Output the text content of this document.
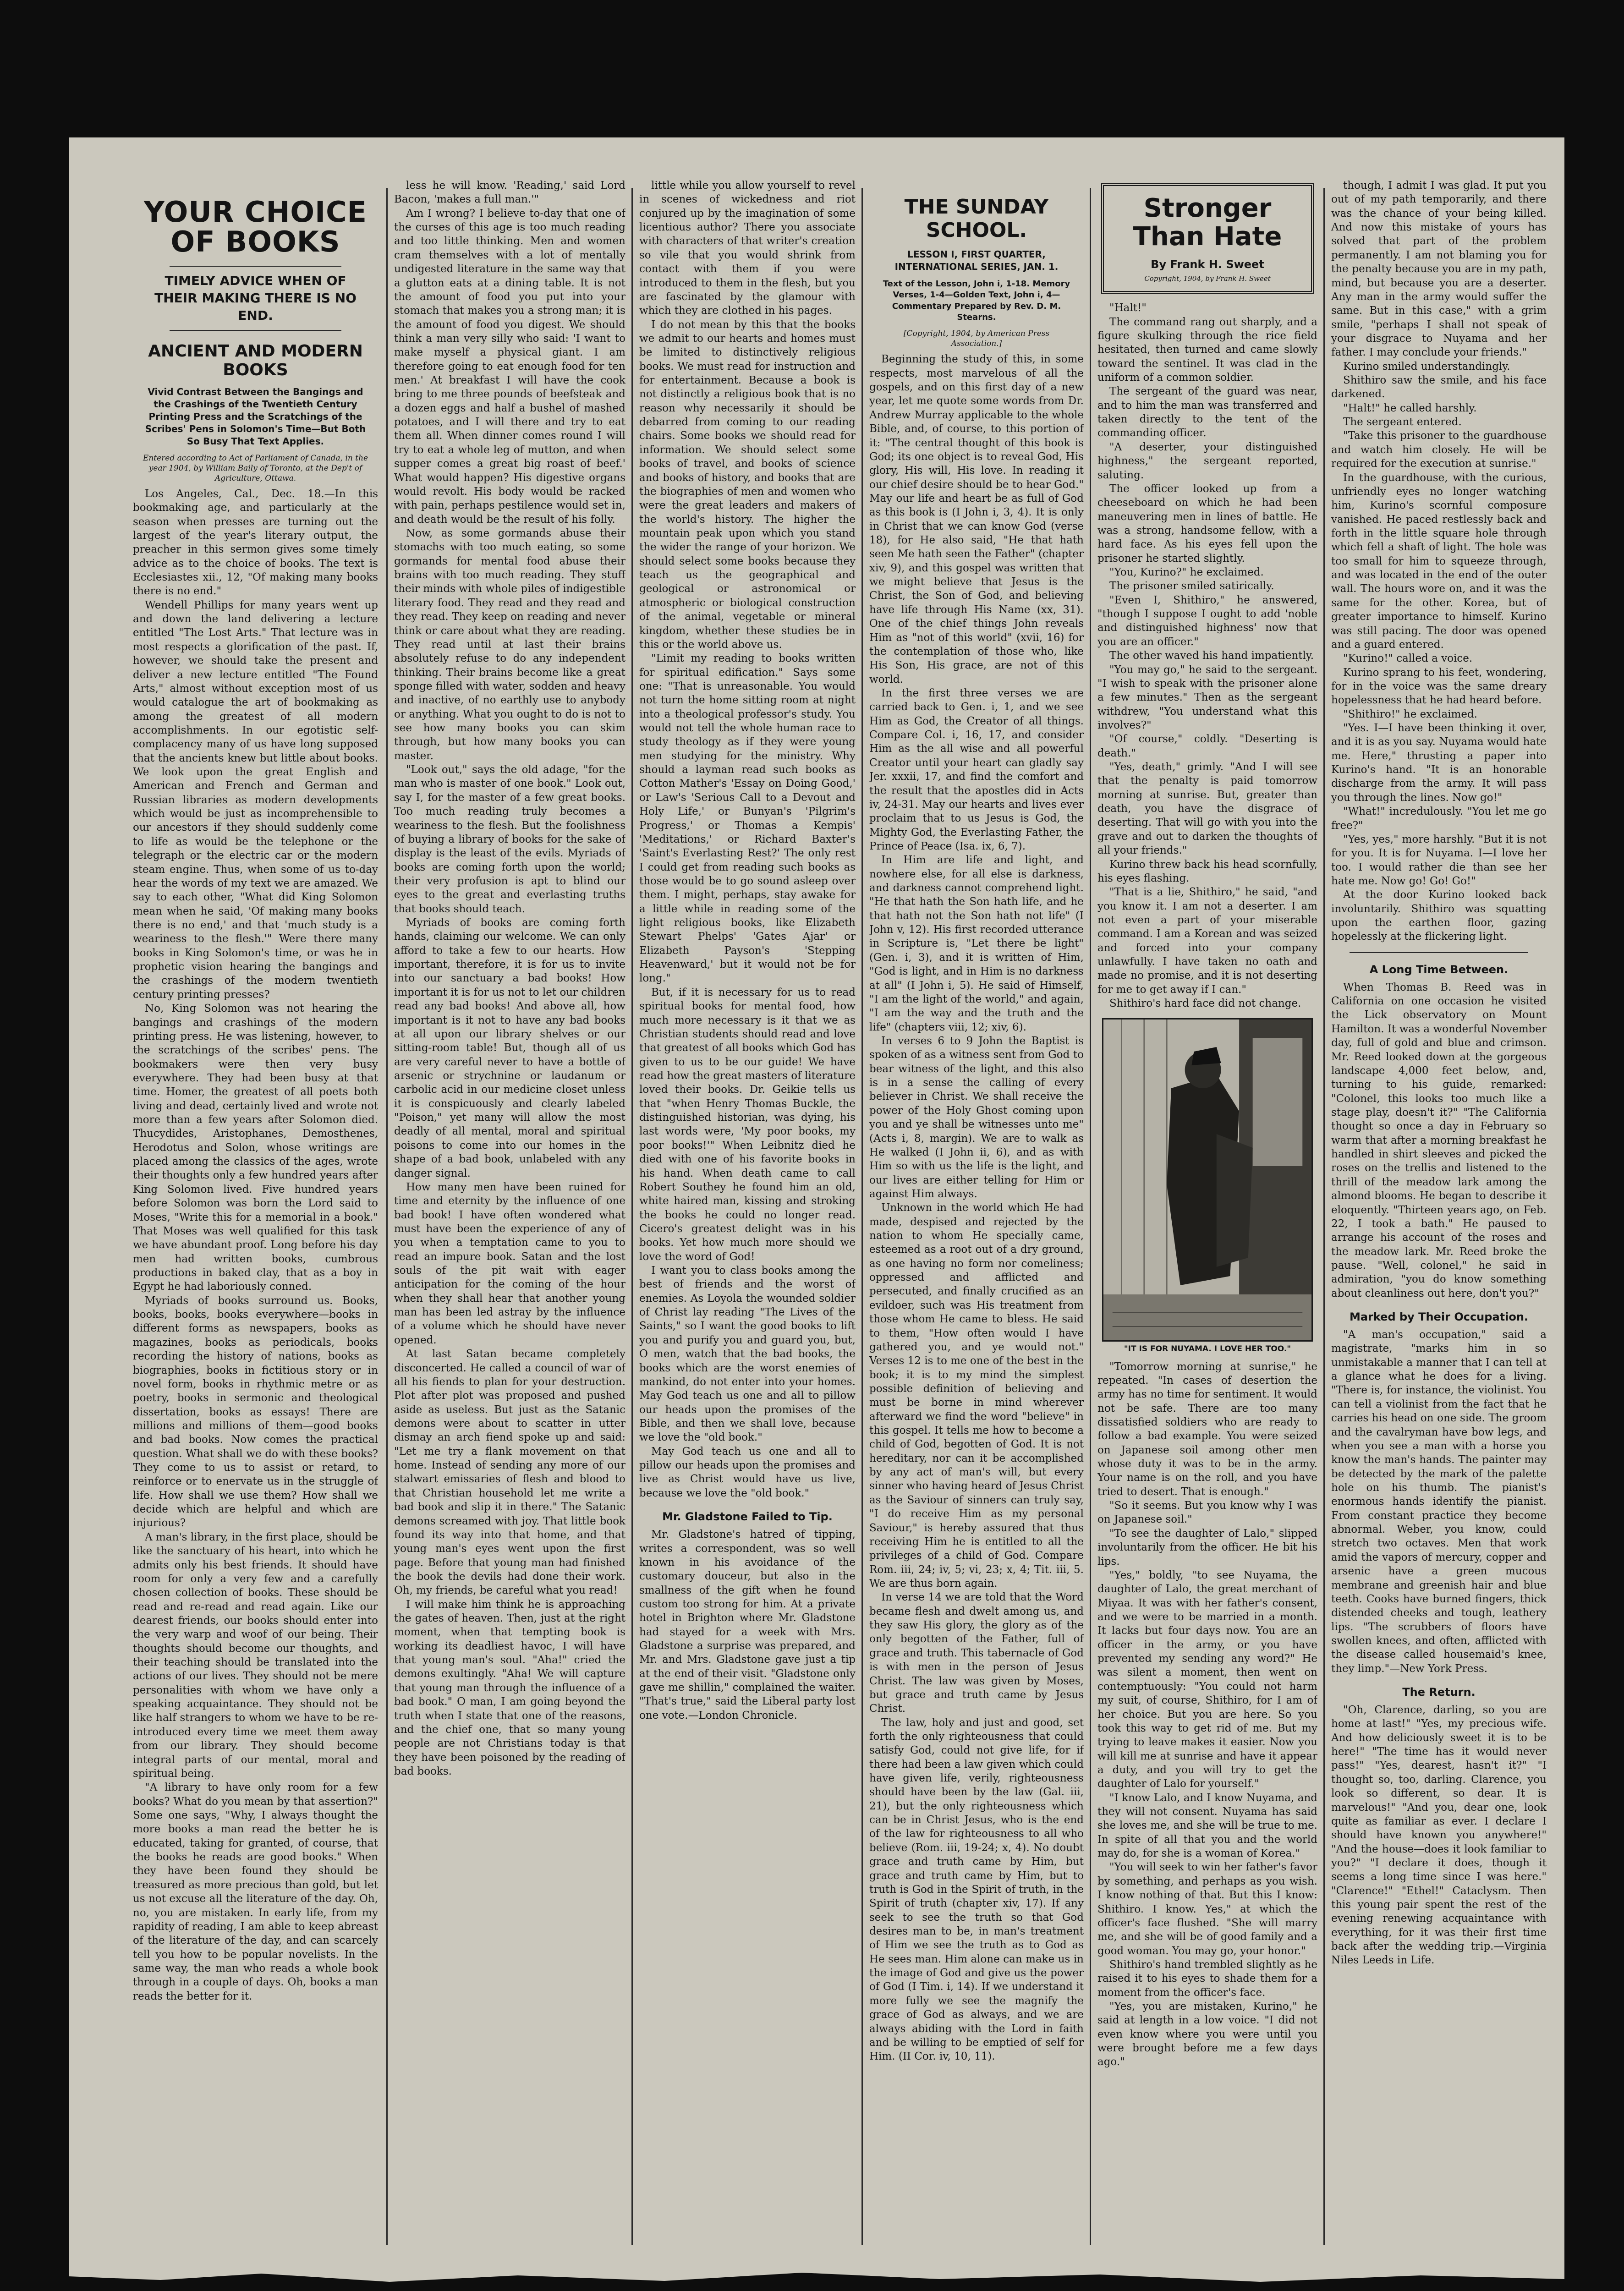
YOUR CHOICE OF BOOKS
TIMELY ADVICE WHEN OF THEIR MAKING THERE IS NO END.
ANCIENT AND MODERN BOOKS
Vivid Contrast Between the Bangings and the Crashings of the Twentieth Century Printing Press and the Scratchings of the Scribes' Pens in Solomon's Time—But Both So Busy That Text Applies.
Entered according to Act of Parliament of Canada, in the year 1904, by William Baily of Toronto, at the Dep't of Agriculture, Ottawa.

Los Angeles, Cal., Dec. 18.—In this bookmaking age, and particularly at the season when presses are turning out the largest of the year's literary output, the preacher in this sermon gives some timely advice as to the choice of books. The text is Ecclesiastes xii., 12, "Of making many books there is no end."

Wendell Phillips for many years went up and down the land delivering a lecture entitled "The Lost Arts." That lecture was in most respects a glorification of the past. If, however, we should take the present and deliver a new lecture entitled "The Found Arts," almost without exception most of us would catalogue the art of bookmaking as among the greatest of all modern accomplishments. In our egotistic self-complacency many of us have long supposed that the ancients knew but little about books. We look upon the great English and American and French and German and Russian libraries as modern developments which would be just as incomprehensible to our ancestors if they should suddenly come to life as would be the telephone or the telegraph or the electric car or the modern steam engine. Thus, when some of us to-day hear the words of my text we are amazed. We say to each other, "What did King Solomon mean when he said, 'Of making many books there is no end,' and that 'much study is a weariness to the flesh.'" Were there many books in King Solomon's time, or was he in prophetic vision hearing the bangings and the crashings of the modern twentieth century printing presses?

No, King Solomon was not hearing the bangings and crashings of the modern printing press. He was listening, however, to the scratchings of the scribes' pens. The bookmakers were then very busy everywhere. They had been busy at that time. Homer, the greatest of all poets both living and dead, certainly lived and wrote not more than a few years after Solomon died. Thucydides, Aristophanes, Demosthenes, Herodotus and Solon, whose writings are placed among the classics of the ages, wrote their thoughts only a few hundred years after King Solomon lived. Five hundred years before Solomon was born the Lord said to Moses, "Write this for a memorial in a book." That Moses was well qualified for this task we have abundant proof. Long before his day men had written books, cumbrous productions in baked clay, that as a boy in Egypt he had laboriously conned.

Myriads of books surround us. Books, books, books, books everywhere—books in different forms as newspapers, books as magazines, books as periodicals, books recording the history of nations, books as biographies, books in fictitious story or in novel form, books in rhythmic metre or as poetry, books in sermonic and theological dissertation, books as essays! There are millions and millions of them—good books and bad books. Now comes the practical question. What shall we do with these books? They come to us to assist or retard, to reinforce or to enervate us in the struggle of life. How shall we use them? How shall we decide which are helpful and which are injurious?

A man's library, in the first place, should be like the sanctuary of his heart, into which he admits only his best friends. It should have room for only a very few and a carefully chosen collection of books. These should be read and re-read and read again. Like our dearest friends, our books should enter into the very warp and woof of our being. Their thoughts should become our thoughts, and their teaching should be translated into the actions of our lives. They should not be mere personalities with whom we have only a speaking acquaintance. They should not be like half strangers to whom we have to be re-introduced every time we meet them away from our library. They should become integral parts of our mental, moral and spiritual being.

"A library to have only room for a few books? What do you mean by that assertion?" Some one says, "Why, I always thought the more books a man read the better he is educated, taking for granted, of course, that the books he reads are good books." When they have been found they should be treasured as more precious than gold, but let us not excuse all the literature of the day. Oh, no, you are mistaken. In early life, from my rapidity of reading, I am able to keep abreast of the literature of the day, and can scarcely tell you how to be popular novelists. In the same way, the man who reads a whole book through in a couple of days. Oh, books a man reads the better for it.

less he will know. 'Reading,' said Lord Bacon, 'makes a full man.'"

Am I wrong? I believe to-day that one of the curses of this age is too much reading and too little thinking. Men and women cram themselves with a lot of mentally undigested literature in the same way that a glutton eats at a dining table. It is not the amount of food you put into your stomach that makes you a strong man; it is the amount of food you digest. We should think a man very silly who said: 'I want to make myself a physical giant. I am therefore going to eat enough food for ten men.' At breakfast I will have the cook bring to me three pounds of beefsteak and a dozen eggs and half a bushel of mashed potatoes, and I will there and try to eat them all. When dinner comes round I will try to eat a whole leg of mutton, and when supper comes a great big roast of beef.' What would happen? His digestive organs would revolt. His body would be racked with pain, perhaps pestilence would set in, and death would be the result of his folly.

Now, as some gormands abuse their stomachs with too much eating, so some gormands for mental food abuse their brains with too much reading. They stuff their minds with whole piles of indigestible literary food. They read and they read and they read. They keep on reading and never think or care about what they are reading. They read until at last their brains absolutely refuse to do any independent thinking. Their brains become like a great sponge filled with water, sodden and heavy and inactive, of no earthly use to anybody or anything. What you ought to do is not to see how many books you can skim through, but how many books you can master.

"Look out," says the old adage, "for the man who is master of one book." Look out, say I, for the master of a few great books. Too much reading truly becomes a weariness to the flesh. But the foolishness of buying a library of books for the sake of display is the least of the evils. Myriads of books are coming forth upon the world; their very profusion is apt to blind our eyes to the great and everlasting truths that books should teach.

Myriads of books are coming forth hands, claiming our welcome. We can only afford to take a few to our hearts. How important, therefore, it is for us to invite into our sanctuary a bad books! How important it is for us not to let our children read any bad books! And above all, how important is it not to have any bad books at all upon our library shelves or our sitting-room table! But, though all of us are very careful never to have a bottle of arsenic or strychnine or laudanum or carbolic acid in our medicine closet unless it is conspicuously and clearly labeled "Poison," yet many will allow the most deadly of all mental, moral and spiritual poisons to come into our homes in the shape of a bad book, unlabeled with any danger signal.

How many men have been ruined for time and eternity by the influence of one bad book! I have often wondered what must have been the experience of any of you when a temptation came to you to read an impure book. Satan and the lost souls of the pit wait with eager anticipation for the coming of the hour when they shall hear that another young man has been led astray by the influence of a volume which he should have never opened.

At last Satan became completely disconcerted. He called a council of war of all his fiends to plan for your destruction. Plot after plot was proposed and pushed aside as useless. But just as the Satanic demons were about to scatter in utter dismay an arch fiend spoke up and said: "Let me try a flank movement on that home. Instead of sending any more of our stalwart emissaries of flesh and blood to that Christian household let me write a bad book and slip it in there." The Satanic demons screamed with joy. That little book found its way into that home, and that young man's eyes went upon the first page. Before that young man had finished the book the devils had done their work. Oh, my friends, be careful what you read!

I will make him think he is approaching the gates of heaven. Then, just at the right moment, when that tempting book is working its deadliest havoc, I will have that young man's soul. "Aha!" cried the demons exultingly. "Aha! We will capture that young man through the influence of a bad book." O man, I am going beyond the truth when I state that one of the reasons, and the chief one, that so many young people are not Christians today is that they have been poisoned by the reading of bad books.

little while you allow yourself to revel in scenes of wickedness and riot conjured up by the imagination of some licentious author? There you associate with characters of that writer's creation so vile that you would shrink from contact with them if you were introduced to them in the flesh, but you are fascinated by the glamour with which they are clothed in his pages.

I do not mean by this that the books we admit to our hearts and homes must be limited to distinctively religious books. We must read for instruction and for entertainment. Because a book is not distinctly a religious book that is no reason why necessarily it should be debarred from coming to our reading chairs. Some books we should read for information. We should select some books of travel, and books of science and books of history, and books that are the biographies of men and women who were the great leaders and makers of the world's history. The higher the mountain peak upon which you stand the wider the range of your horizon. We should select some books because they teach us the geographical and geological or astronomical or atmospheric or biological construction of the animal, vegetable or mineral kingdom, whether these studies be in this or the world above us.

"Limit my reading to books written for spiritual edification." Says some one: "That is unreasonable. You would not turn the home sitting room at night into a theological professor's study. You would not tell the whole human race to study theology as if they were young men studying for the ministry. Why should a layman read such books as Cotton Mather's 'Essay on Doing Good,' or Law's 'Serious Call to a Devout and Holy Life,' or Bunyan's 'Pilgrim's Progress,' or Thomas a Kempis' 'Meditations,' or Richard Baxter's 'Saint's Everlasting Rest?' The only rest I could get from reading such books as those would be to go sound asleep over them. I might, perhaps, stay awake for a little while in reading some of the light religious books, like Elizabeth Stewart Phelps' 'Gates Ajar' or Elizabeth Payson's 'Stepping Heavenward,' but it would not be for long."

But, if it is necessary for us to read spiritual books for mental food, how much more necessary is it that we as Christian students should read and love that greatest of all books which God has given to us to be our guide! We have read how the great masters of literature loved their books. Dr. Geikie tells us that "when Henry Thomas Buckle, the distinguished historian, was dying, his last words were, 'My poor books, my poor books!'" When Leibnitz died he died with one of his favorite books in his hand. When death came to call Robert Southey he found him an old, white haired man, kissing and stroking the books he could no longer read. Cicero's greatest delight was in his books. Yet how much more should we love the word of God!

I want you to class books among the best of friends and the worst of enemies. As Loyola the wounded soldier of Christ lay reading "The Lives of the Saints," so I want the good books to lift you and purify you and guard you, but, O men, watch that the bad books, the books which are the worst enemies of mankind, do not enter into your homes. May God teach us one and all to pillow our heads upon the promises of the Bible, and then we shall love, because we love the "old book."

May God teach us one and all to pillow our heads upon the promises and live as Christ would have us live, because we love the "old book."

Mr. Gladstone Failed to Tip.

Mr. Gladstone's hatred of tipping, writes a correspondent, was so well known in his avoidance of the customary douceur, but also in the smallness of the gift when he found custom too strong for him. At a private hotel in Brighton where Mr. Gladstone had stayed for a week with Mrs. Gladstone a surprise was prepared, and Mr. and Mrs. Gladstone gave just a tip at the end of their visit. "Gladstone only gave me shillin," complained the waiter. "That's true," said the Liberal party lost one vote.—London Chronicle.

THE SUNDAY SCHOOL.
LESSON I, FIRST QUARTER, INTERNATIONAL SERIES, JAN. 1.
Text of the Lesson, John i, 1-18. Memory Verses, 1-4—Golden Text, John i, 4—Commentary Prepared by Rev. D. M. Stearns.
[Copyright, 1904, by American Press Association.]

Beginning the study of this, in some respects, most marvelous of all the gospels, and on this first day of a new year, let me quote some words from Dr. Andrew Murray applicable to the whole Bible, and, of course, to this portion of it: "The central thought of this book is God; its one object is to reveal God, His glory, His will, His love. In reading it our chief desire should be to hear God." May our life and heart be as full of God as this book is (I John i, 3, 4). It is only in Christ that we can know God (verse 18), for He also said, "He that hath seen Me hath seen the Father" (chapter xiv, 9), and this gospel was written that we might believe that Jesus is the Christ, the Son of God, and believing have life through His Name (xx, 31). One of the chief things John reveals Him as "not of this world" (xvii, 16) for the contemplation of those who, like His Son, His grace, are not of this world.

In the first three verses we are carried back to Gen. i, 1, and we see Him as God, the Creator of all things. Compare Col. i, 16, 17, and consider Him as the all wise and all powerful Creator until your heart can gladly say Jer. xxxii, 17, and find the comfort and the result that the apostles did in Acts iv, 24-31. May our hearts and lives ever proclaim that to us Jesus is God, the Mighty God, the Everlasting Father, the Prince of Peace (Isa. ix, 6, 7).

In Him are life and light, and nowhere else, for all else is darkness, and darkness cannot comprehend light. "He that hath the Son hath life, and he that hath not the Son hath not life" (I John v, 12). His first recorded utterance in Scripture is, "Let there be light" (Gen. i, 3), and it is written of Him, "God is light, and in Him is no darkness at all" (I John i, 5). He said of Himself, "I am the light of the world," and again, "I am the way and the truth and the life" (chapters viii, 12; xiv, 6).

In verses 6 to 9 John the Baptist is spoken of as a witness sent from God to bear witness of the light, and this also is in a sense the calling of every believer in Christ. We shall receive the power of the Holy Ghost coming upon you and ye shall be witnesses unto me" (Acts i, 8, margin). We are to walk as He walked (I John ii, 6), and as with Him so with us the life is the light, and our lives are either telling for Him or against Him always.

Unknown in the world which He had made, despised and rejected by the nation to whom He specially came, esteemed as a root out of a dry ground, as one having no form nor comeliness; oppressed and afflicted and persecuted, and finally crucified as an evildoer, such was His treatment from those whom He came to bless. He said to them, "How often would I have gathered you, and ye would not." Verses 12 is to me one of the best in the book; it is to my mind the simplest possible definition of believing and must be borne in mind wherever afterward we find the word "believe" in this gospel. It tells me how to become a child of God, begotten of God. It is not hereditary, nor can it be accomplished by any act of man's will, but every sinner who having heard of Jesus Christ as the Saviour of sinners can truly say, "I do receive Him as my personal Saviour," is hereby assured that thus receiving Him he is entitled to all the privileges of a child of God. Compare Rom. iii, 24; iv, 5; vi, 23; x, 4; Tit. iii, 5. We are thus born again.

In verse 14 we are told that the Word became flesh and dwelt among us, and they saw His glory, the glory as of the only begotten of the Father, full of grace and truth. This tabernacle of God is with men in the person of Jesus Christ. The law was given by Moses, but grace and truth came by Jesus Christ.

The law, holy and just and good, set forth the only righteousness that could satisfy God, could not give life, for if there had been a law given which could have given life, verily, righteousness should have been by the law (Gal. iii, 21), but the only righteousness which can be in Christ Jesus, who is the end of the law for righteousness to all who believe (Rom. iii, 19-24; x, 4). No doubt grace and truth came by Him, but grace and truth came by Him, but to truth is God in the Spirit of truth, in the Spirit of truth (chapter xiv, 17). If any seek to see the truth so that God desires man to be, in man's treatment of Him we see the truth as to God as He sees man. Him alone can make us in the image of God and give us the power of God (I Tim. i, 14). If we understand it more fully we see the magnify the grace of God as always, and we are always abiding with the Lord in faith and be willing to be emptied of self for Him. (II Cor. iv, 10, 11).

Stronger Than Hate
By Frank H. Sweet
Copyright, 1904, by Frank H. Sweet

"Halt!"

The command rang out sharply, and a figure skulking through the rice field hesitated, then turned and came slowly toward the sentinel. It was clad in the uniform of a common soldier.

The sergeant of the guard was near, and to him the man was transferred and taken directly to the tent of the commanding officer.

"A deserter, your distinguished highness," the sergeant reported, saluting.

The officer looked up from a cheeseboard on which he had been maneuvering men in lines of battle. He was a strong, handsome fellow, with a hard face. As his eyes fell upon the prisoner he started slightly.

"You, Kurino?" he exclaimed.

The prisoner smiled satirically.

"Even I, Shithiro," he answered, "though I suppose I ought to add 'noble and distinguished highness' now that you are an officer."

The other waved his hand impatiently.

"You may go," he said to the sergeant. "I wish to speak with the prisoner alone a few minutes." Then as the sergeant withdrew, "You understand what this involves?"

"Of course," coldly. "Deserting is death."

"Yes, death," grimly. "And I will see that the penalty is paid tomorrow morning at sunrise. But, greater than death, you have the disgrace of deserting. That will go with you into the grave and out to darken the thoughts of all your friends."

Kurino threw back his head scornfully, his eyes flashing.

"That is a lie, Shithiro," he said, "and you know it. I am not a deserter. I am not even a part of your miserable command. I am a Korean and was seized and forced into your company unlawfully. I have taken no oath and made no promise, and it is not deserting for me to get away if I can."

Shithiro's hard face did not change.

"IT IS FOR NUYAMA. I LOVE HER TOO."

"Tomorrow morning at sunrise," he repeated. "In cases of desertion the army has no time for sentiment. It would not be safe. There are too many dissatisfied soldiers who are ready to follow a bad example. You were seized on Japanese soil among other men whose duty it was to be in the army. Your name is on the roll, and you have tried to desert. That is enough."

"So it seems. But you know why I was on Japanese soil."

"To see the daughter of Lalo," slipped involuntarily from the officer. He bit his lips.

"Yes," boldly, "to see Nuyama, the daughter of Lalo, the great merchant of Miyaa. It was with her father's consent, and we were to be married in a month. It lacks but four days now. You are an officer in the army, or you have prevented my sending any word?" He was silent a moment, then went on contemptuously: "You could not harm my suit, of course, Shithiro, for I am of her choice. But you are here. So you took this way to get rid of me. But my trying to leave makes it easier. Now you will kill me at sunrise and have it appear a duty, and you will try to get the daughter of Lalo for yourself."

"I know Lalo, and I know Nuyama, and they will not consent. Nuyama has said she loves me, and she will be true to me. In spite of all that you and the world may do, for she is a woman of Korea."

"You will seek to win her father's favor by something, and perhaps as you wish. I know nothing of that. But this I know: Shithiro. I know. Yes," at which the officer's face flushed. "She will marry me, and she will be of good family and a good woman. You may go, your honor."

Shithiro's hand trembled slightly as he raised it to his eyes to shade them for a moment from the officer's face.

"Yes, you are mistaken, Kurino," he said at length in a low voice. "I did not even know where you were until you were brought before me a few days ago."

though, I admit I was glad. It put you out of my path temporarily, and there was the chance of your being killed. And now this mistake of yours has solved that part of the problem permanently. I am not blaming you for the penalty because you are in my path, mind, but because you are a deserter. Any man in the army would suffer the same. But in this case," with a grim smile, "perhaps I shall not speak of your disgrace to Nuyama and her father. I may conclude your friends."

Kurino smiled understandingly.

Shithiro saw the smile, and his face darkened.

"Halt!" he called harshly.

The sergeant entered.

"Take this prisoner to the guardhouse and watch him closely. He will be required for the execution at sunrise."

In the guardhouse, with the curious, unfriendly eyes no longer watching him, Kurino's scornful composure vanished. He paced restlessly back and forth in the little square hole through which fell a shaft of light. The hole was too small for him to squeeze through, and was located in the end of the outer wall. The hours wore on, and it was the same for the other. Korea, but of greater importance to himself. Kurino was still pacing. The door was opened and a guard entered.

"Kurino!" called a voice.

Kurino sprang to his feet, wondering, for in the voice was the same dreary hopelessness that he had heard before.

"Shithiro!" he exclaimed.

"Yes. I—I have been thinking it over, and it is as you say. Nuyama would hate me. Here," thrusting a paper into Kurino's hand. "It is an honorable discharge from the army. It will pass you through the lines. Now go!"

"What!" incredulously. "You let me go free?"

"Yes, yes," more harshly. "But it is not for you. It is for Nuyama. I—I love her too. I would rather die than see her hate me. Now go! Go! Go!"

At the door Kurino looked back involuntarily. Shithiro was squatting upon the earthen floor, gazing hopelessly at the flickering light.

A Long Time Between.

When Thomas B. Reed was in California on one occasion he visited the Lick observatory on Mount Hamilton. It was a wonderful November day, full of gold and blue and crimson. Mr. Reed looked down at the gorgeous landscape 4,000 feet below, and, turning to his guide, remarked: "Colonel, this looks too much like a stage play, doesn't it?" "The California thought so once a day in February so warm that after a morning breakfast he handled in shirt sleeves and picked the roses on the trellis and listened to the thrill of the meadow lark among the almond blooms. He began to describe it eloquently. "Thirteen years ago, on Feb. 22, I took a bath." He paused to arrange his account of the roses and the meadow lark. Mr. Reed broke the pause. "Well, colonel," he said in admiration, "you do know something about cleanliness out here, don't you?"

Marked by Their Occupation.

"A man's occupation," said a magistrate, "marks him in so unmistakable a manner that I can tell at a glance what he does for a living. "There is, for instance, the violinist. You can tell a violinist from the fact that he carries his head on one side. The groom and the cavalryman have bow legs, and when you see a man with a horse you know the man's hands. The painter may be detected by the mark of the palette hole on his thumb. The pianist's enormous hands identify the pianist. From constant practice they become abnormal. Weber, you know, could stretch two octaves. Men that work amid the vapors of mercury, copper and arsenic have a green mucous membrane and greenish hair and blue teeth. Cooks have burned fingers, thick distended cheeks and tough, leathery lips. "The scrubbers of floors have swollen knees, and often, afflicted with the disease called housemaid's knee, they limp."—New York Press.

The Return.

"Oh, Clarence, darling, so you are home at last!" "Yes, my precious wife. And how deliciously sweet it is to be here!" "The time has it would never pass!" "Yes, dearest, hasn't it?" "I thought so, too, darling. Clarence, you look so different, so dear. It is marvelous!" "And you, dear one, look quite as familiar as ever. I declare I should have known you anywhere!" "And the house—does it look familiar to you?" "I declare it does, though it seems a long time since I was here." "Clarence!" "Ethel!" Cataclysm. Then this young pair spent the rest of the evening renewing acquaintance with everything, for it was their first time back after the wedding trip.—Virginia Niles Leeds in Life.
